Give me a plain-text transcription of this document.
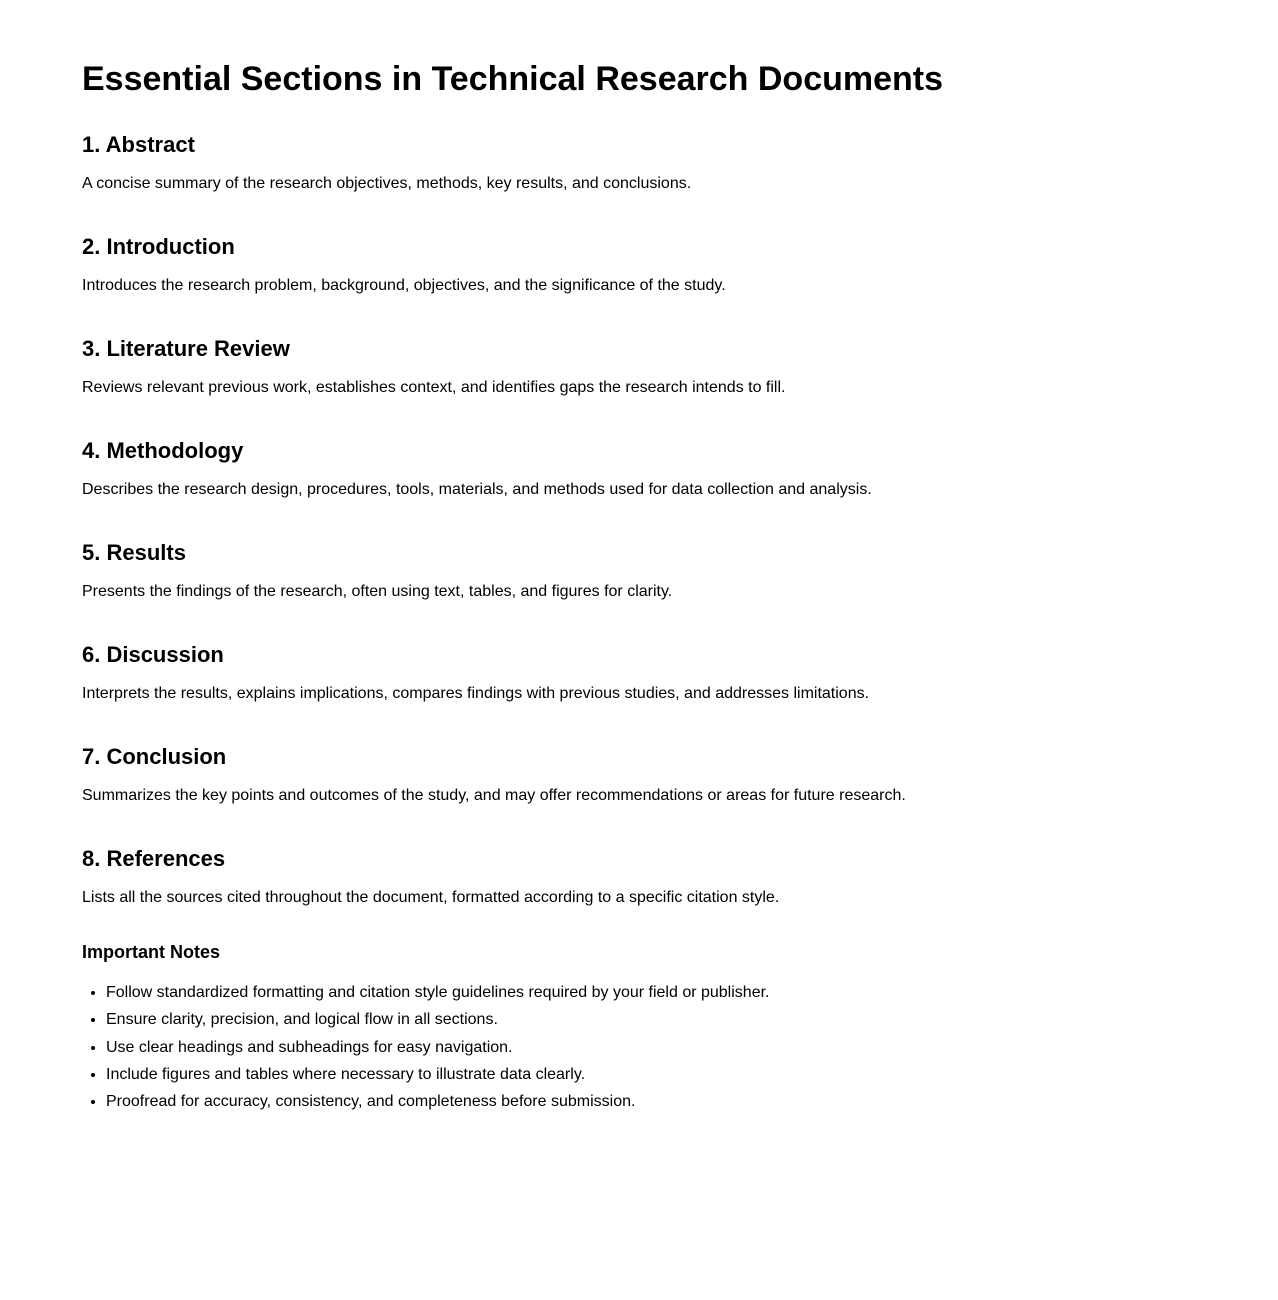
Essential Sections in Technical Research Documents
1. Abstract

A concise summary of the research objectives, methods, key results, and conclusions.

2. Introduction

Introduces the research problem, background, objectives, and the significance of the study.

3. Literature Review

Reviews relevant previous work, establishes context, and identifies gaps the research intends to fill.

4. Methodology

Describes the research design, procedures, tools, materials, and methods used for data collection and analysis.

5. Results

Presents the findings of the research, often using text, tables, and figures for clarity.

6. Discussion

Interprets the results, explains implications, compares findings with previous studies, and addresses limitations.

7. Conclusion

Summarizes the key points and outcomes of the study, and may offer recommendations or areas for future research.

8. References

Lists all the sources cited throughout the document, formatted according to a specific citation style.

Important Notes
• Follow standardized formatting and citation style guidelines required by your field or publisher.
• Ensure clarity, precision, and logical flow in all sections.
• Use clear headings and subheadings for easy navigation.
• Include figures and tables where necessary to illustrate data clearly.
• Proofread for accuracy, consistency, and completeness before submission.
